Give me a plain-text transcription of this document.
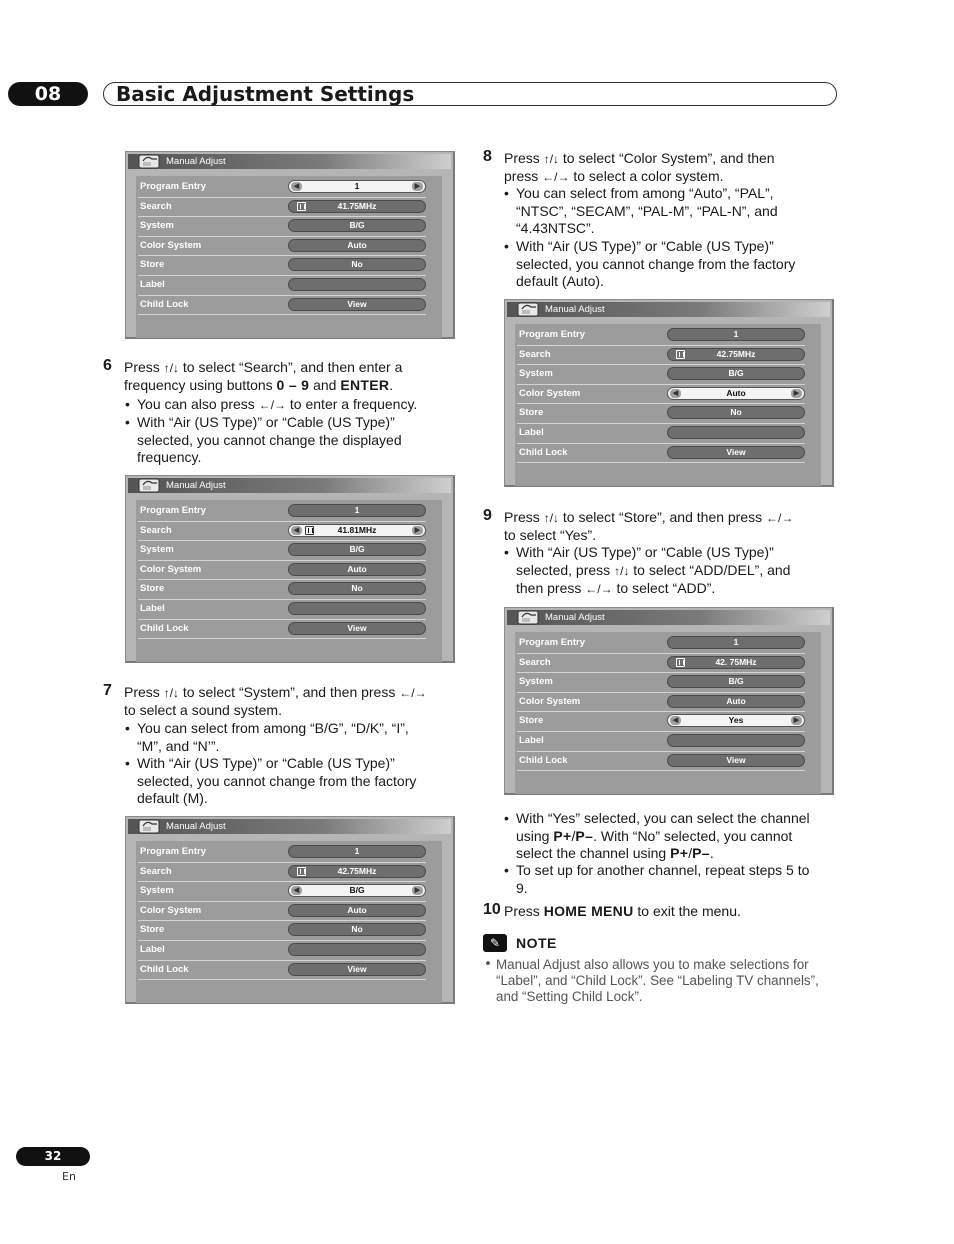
08	Basic Adjustment Settings
Manual Adjust
Program Entry	◀	1	▶
Search	41.75MHz
System	B/G
Color System	Auto
Store	No
Label
Child Lock	View
Manual Adjust
Program Entry	1
Search	◀	41.81MHz	▶
System	B/G
Color System	Auto
Store	No
Label
Child Lock	View
Manual Adjust
Program Entry	1
Search	42.75MHz
System	◀	B/G	▶
Color System	Auto
Store	No
Label
Child Lock	View
Manual Adjust
Program Entry	1
Search	42.75MHz
System	B/G
Color System	◀	Auto	▶
Store	No
Label
Child Lock	View
Manual Adjust
Program Entry	1
Search	42. 75MHz
System	B/G
Color System	Auto
Store	◀	Yes	▶
Label
Child Lock	View
6 Press ↑/↓ to select “Search”, and then enter a
frequency using buttons 0 – 9 and ENTER.
• You can also press ←/→ to enter a frequency.
• With “Air (US Type)” or “Cable (US Type)”
selected, you cannot change the displayed
frequency.
7 Press ↑/↓ to select “System”, and then press ←/→
to select a sound system.
• You can select from among “B/G”, “D/K”, “I”,
“M”, and “N’”.
• With “Air (US Type)” or “Cable (US Type)”
selected, you cannot change from the factory
default (M).
8 Press ↑/↓ to select “Color System”, and then
press ←/→ to select a color system.
• You can select from among “Auto”, “PAL”,
“NTSC”, “SECAM”, “PAL-M”, “PAL-N”, and
“4.43NTSC”.
• With “Air (US Type)” or “Cable (US Type)”
selected, you cannot change from the factory
default (Auto).
9 Press ↑/↓ to select “Store”, and then press ←/→
to select “Yes”.
• With “Air (US Type)” or “Cable (US Type)”
selected, press ↑/↓ to select “ADD/DEL”, and
then press ←/→ to select “ADD”.
• With “Yes” selected, you can select the channel
using P+/P–. With “No” selected, you cannot
select the channel using P+/P–.
• To set up for another channel, repeat steps 5 to
9.
10 Press HOME MENU to exit the menu.
✎	NOTE
• Manual Adjust also allows you to make selections for “Label”, and “Child Lock”. See “Labeling TV channels”, and “Setting Child Lock”.
32
En
